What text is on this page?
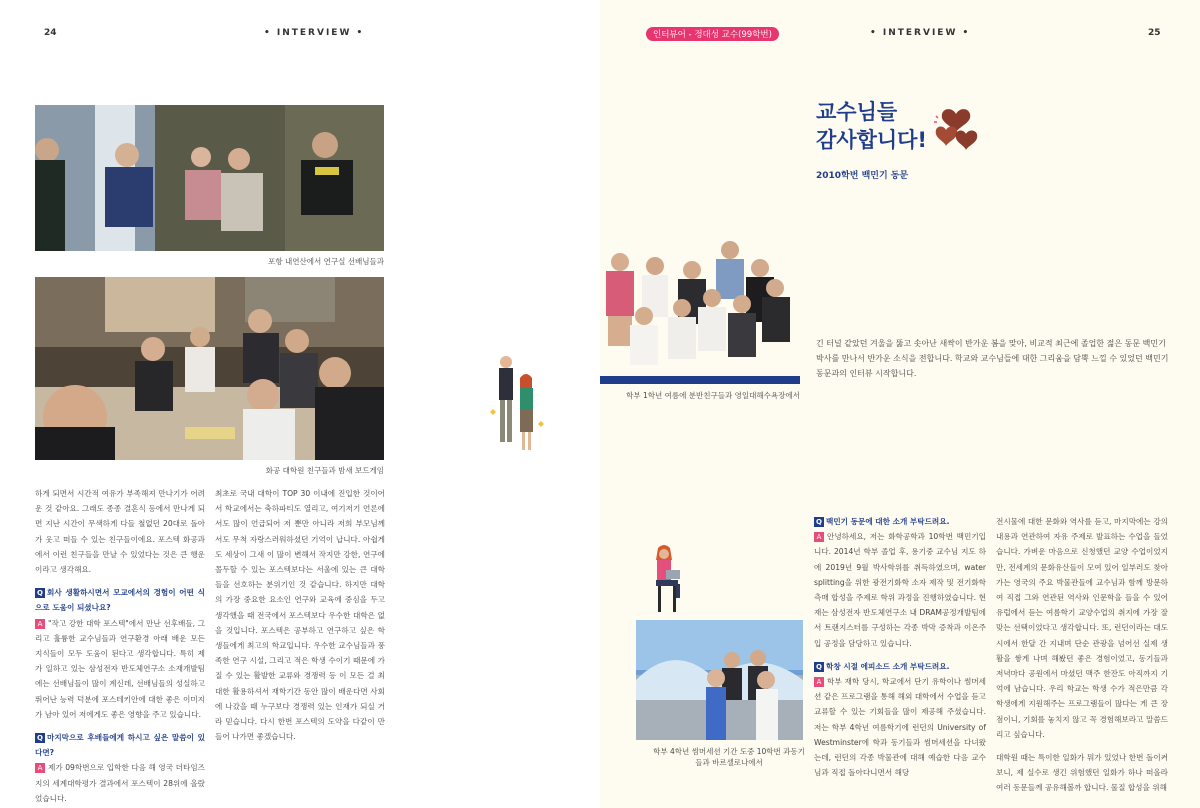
24	• INTERVIEW •
포항 내연산에서 연구실 선배님들과
화공 대학원 친구들과 밤새 보드게임

하게 되면서 시간적 여유가 부족해져 만나기가 어려운 것 같아요. 그래도 종종 결혼식 등에서 만나게 되면 지난 시간이 무색하게 다들 철없던 20대로 돌아가 웃고 떠들 수 있는 친구들이에요. 포스텍 화공과에서 이런 친구들을 만날 수 있었다는 것은 큰 행운이라고 생각해요.

Q 회사 생활하시면서 모교에서의 경험이 어떤 식으로 도움이 되셨나요?
A "작고 강한 대학 포스텍"에서 만난 선후배들, 그리고 훌륭한 교수님들과 연구환경 아래 배운 모든 지식들이 모두 도움이 된다고 생각합니다. 특히 제가 일하고 있는 삼성전자 반도체연구소 소재개발팀에는 선배님들이 많이 계신데, 선배님들의 성실하고 뛰어난 능력 덕분에 포스테키안에 대한 좋은 이미지가 남아 있어 저에게도 좋은 영향을 주고 있습니다.

Q 마지막으로 후배들에게 하시고 싶은 말씀이 있다면?
A 제가 09학번으로 입학한 다음 해 영국 더타임즈 지의 세계대학평가 결과에서 포스텍이 28위에 올랐었습니다.

최초로 국내 대학이 TOP 30 이내에 진입한 것이어서 학교에서는 축하파티도 열리고, 여기저기 언론에서도 많이 언급되어 저 뿐만 아니라 저희 부모님께서도 무척 자랑스러워하셨던 기억이 납니다. 아쉽게도 세상이 그새 이 많이 변해서 작지만 강한, 연구에 몰두할 수 있는 포스텍보다는 서울에 있는 큰 대학들을 선호하는 분위기인 것 같습니다. 하지만 대학의 가장 중요한 요소인 연구와 교육에 중심을 두고 생각했을 때 전국에서 포스텍보다 우수한 대학은 없을 것입니다. 포스텍은 공부하고 연구하고 싶은 학생들에게 최고의 학교입니다. 우수한 교수님들과 풍족한 연구 시설, 그리고 적은 학생 수이기 때문에 가질 수 있는 활발한 교류와 경쟁력 등 이 모든 걸 최대한 활용하셔서 재학기간 동안 많이 배운다면 사회에 나갔을 때 누구보다 경쟁력 있는 인재가 되실 거라 믿습니다. 다시 한번 포스텍의 도약을 다같이 만들어 나가면 좋겠습니다.

인터뷰어 - 정대성 교수(99학번)	• INTERVIEW •	25
교수님들
감사합니다!
2010학번 백민기 동문
학부 1학년 여름에 분반친구들과 영일대해수욕장에서
긴 터널 같았던 겨울을 뚫고 솟아난 새싹이 반가운 봄을 맞아, 비교적 최근에 졸업한 젊은 동문 백민기 박사를 만나서 반가운 소식을 전합니다. 학교와 교수님들에 대한 그리움을 담뿍 느낄 수 있었던 백민기 동문과의 인터뷰 시작합니다.
학부 4학년 썸머세션 기간 도중 10학번 과동기들과 바르셀로나에서

Q 백민기 동문에 대한 소개 부탁드려요.
A 안녕하세요, 저는 화학공학과 10학번 백민기입니다. 2014년 학부 졸업 후, 용기중 교수님 지도 하에 2019년 9월 박사학위를 취득하였으며, water splitting을 위한 광전기화학 소자 제작 및 전기화학 측매 합성을 주제로 학위 과정을 진행하였습니다. 현재는 삼성전자 반도체연구소 내 DRAM공정개발팀에서 트랜지스터를 구성하는 각종 박막 증착과 이온주입 공정을 담당하고 있습니다.

Q 학창 시절 에피소드 소개 부탁드려요.
A 학부 재학 당시, 학교에서 단기 유학이나 썸머세션 같은 프로그램을 통해 해외 대학에서 수업을 듣고 교류할 수 있는 기회들을 많이 제공해 주셨습니다. 저는 학부 4학년 여름학기에 런던의 University of Westminster에 학과 동기들과 썸머세션을 다녀왔는데, 런던의 각종 박물관에 대해 예습한 다음 교수님과 직접 돌아다니면서 해당

전시물에 대한 문화와 역사를 듣고, 마지막에는 강의 내용과 연관하여 자유 주제로 발표하는 수업을 들었습니다. 가벼운 마음으로 신청했던 교양 수업이었지만, 전세계의 문화유산들이 모여 있어 일부러도 찾아가는 영국의 주요 박물관들에 교수님과 함께 방문하여 직접 그와 연관된 역사와 인문학을 들을 수 있어 유럽에서 듣는 여름학기 교양수업의 취지에 가장 잘 맞는 선택이었다고 생각합니다. 또, 런던이라는 대도시에서 한달 간 지내며 단순 관광을 넘어선 실제 생활을 쌓게 나며 해봤던 좋은 경험이었고, 동기들과 저녁마다 공원에서 마셨던 맥주 한잔도 아직까지 기억에 남습니다. 우리 학교는 학생 수가 적은만큼 각 학생에게 지원해주는 프로그램들이 많다는 게 큰 장점이니, 기회를 놓치지 않고 꼭 경험해보라고 말씀드리고 싶습니다.

대학원 때는 특이한 일화가 뭐가 있었나 한번 돌이켜보니, 제 실수로 생긴 위험했던 일화가 하나 떠올라 여러 동문들께 공유해볼까 합니다. 물질 합성을 위해
